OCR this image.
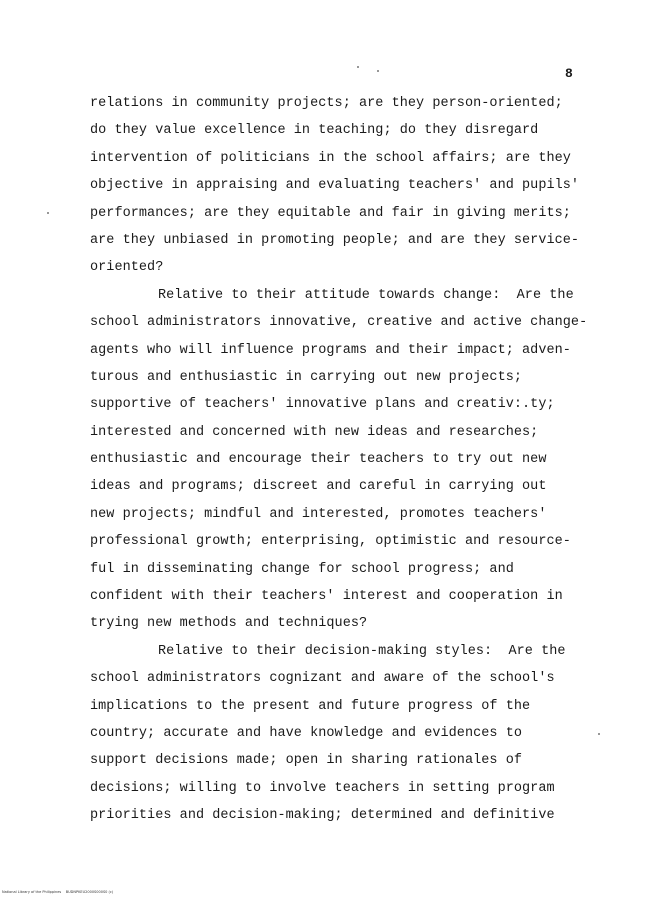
8
relations in community projects; are they person-oriented;
do they value excellence in teaching; do they disregard
intervention of politicians in the school affairs; are they
objective in appraising and evaluating teachers' and pupils'
performances; are they equitable and fair in giving merits;
are they unbiased in promoting people; and are they service-
oriented?
Relative to their attitude towards change:  Are the
school administrators innovative, creative and active change-
agents who will influence programs and their impact; adven-
turous and enthusiastic in carrying out new projects;
supportive of teachers' innovative plans and creativ:.ty;
interested and concerned with new ideas and researches;
enthusiastic and encourage their teachers to try out new
ideas and programs; discreet and careful in carrying out
new projects; mindful and interested, promotes teachers'
professional growth; enterprising, optimistic and resource-
ful in disseminating change for school progress; and
confident with their teachers' interest and cooperation in
trying new methods and techniques?
Relative to their decision-making styles:  Are the
school administrators cognizant and aware of the school's
implications to the present and future progress of the
country; accurate and have knowledge and evidences to
support decisions made; open in sharing rationales of
decisions; willing to involve teachers in setting program
priorities and decision-making; determined and definitive
National Library of the Philippines    BUDNPKEU2000S000S0 (c)
